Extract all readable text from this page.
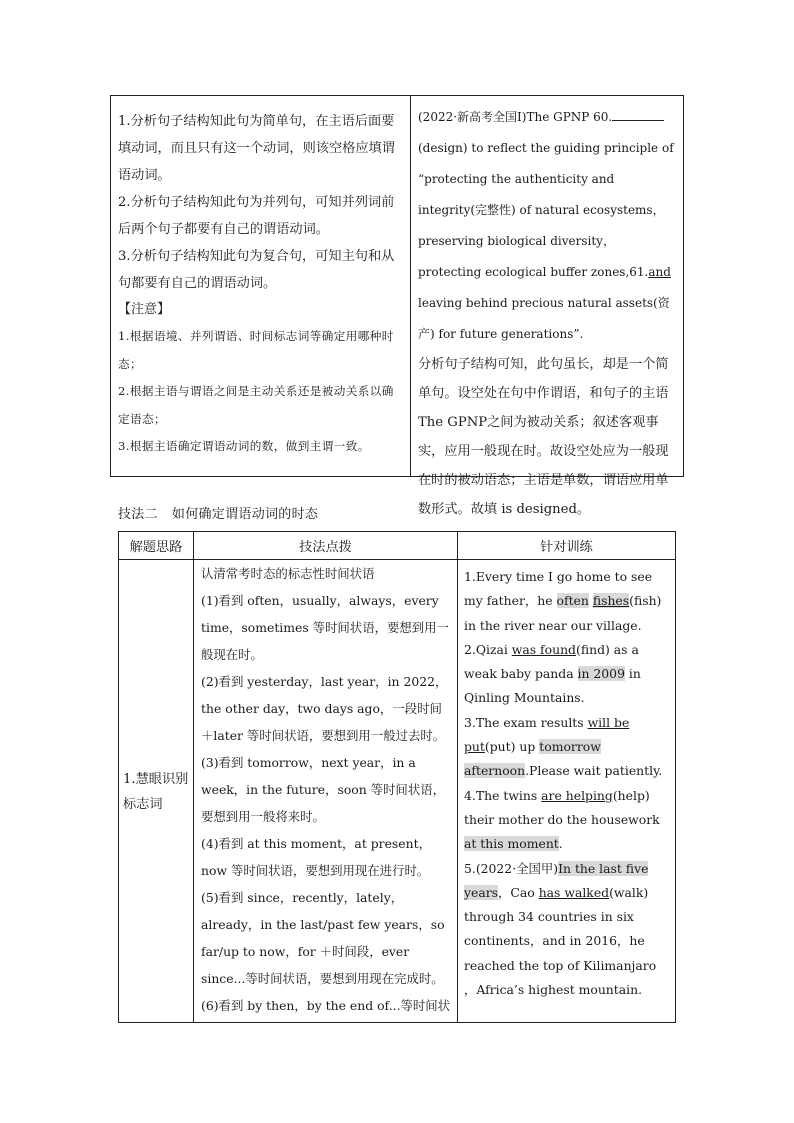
1.分析句子结构知此句为简单句，在主语后面要填动词，而且只有这一个动词，则该空格应填谓语动词。

2.分析句子结构知此句为并列句，可知并列词前后两个句子都要有自己的谓语动词。

3.分析句子结构知此句为复合句，可知主句和从句都要有自己的谓语动词。

【注意】

1.根据语境、并列谓语、时间标志词等确定用哪种时态；

2.根据主语与谓语之间是主动关系还是被动关系以确定语态；

3.根据主语确定谓语动词的数，做到主谓一致。

(2022·新高考全国Ⅰ)The GPNP 60.(design) to reflect the guiding principle of “protecting the authenticity and integrity(完整性) of natural ecosystems，preserving biological diversity，protecting ecological buffer zones,61.and leaving behind precious natural assets(资产) for future generations”.

分析句子结构可知，此句虽长，却是一个简单句。设空处在句中作谓语，和句子的主语The GPNP之间为被动关系；叙述客观事实，应用一般现在时。故设空处应为一般现在时的被动语态；主语是单数，谓语应用单数形式。故填 is designed。

技法二 如何确定谓语动词的时态
解题思路	技法点拨	针对训练
1.慧眼识别标志词

认清常考时态的标志性时间状语

(1)看到 often，usually，always，every time，sometimes 等时间状语，要想到用一般现在时。

(2)看到 yesterday，last year，in 2022，the other day，two days ago，一段时间＋later 等时间状语，要想到用一般过去时。

(3)看到 tomorrow，next year，in a week，in the future，soon 等时间状语，要想到用一般将来时。

(4)看到 at this moment，at present，now 等时间状语，要想到用现在进行时。

(5)看到 since，recently，lately，already，in the last/past few years，so far/up to now，for ＋时间段，ever since...等时间状语，要想到用现在完成时。

(6)看到 by then，by the end of...等时间状

1.Every time I go home to see my father，he often fishes(fish) in the river near our village.

2.Qizai was found(find) as a weak baby panda in 2009 in Qinling Mountains.

3.The exam results will be put(put) up tomorrow afternoon.Please wait patiently.

4.The twins are helping(help) their mother do the housework at this moment.

5.(2022·全国甲)In the last five years，Cao has walked(walk) through 34 countries in six continents，and in 2016，he reached the top of Kilimanjaro ，Africa’s highest mountain.
